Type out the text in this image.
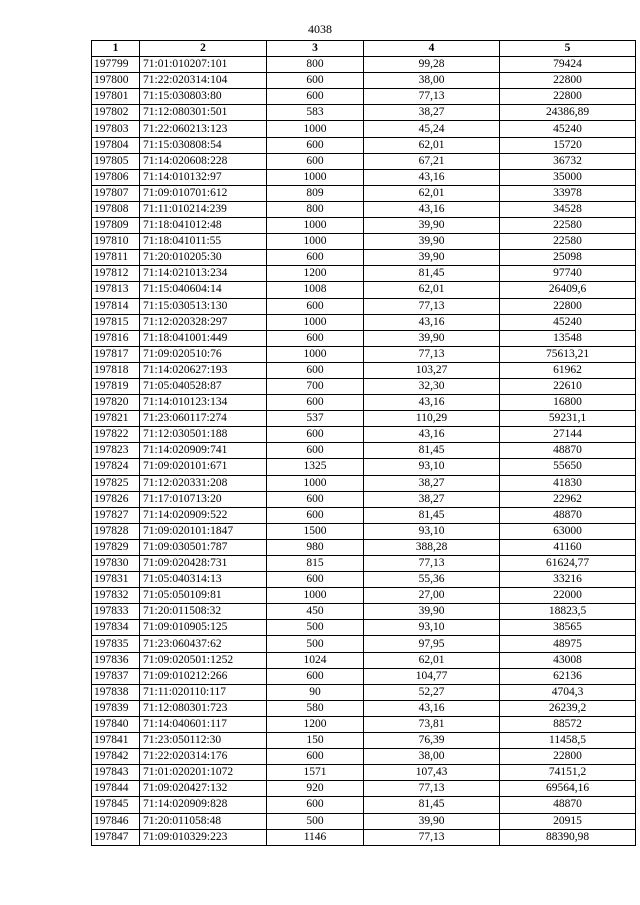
4038
1	2	3	4	5
197799	71:01:010207:101	800	99,28	79424
197800	71:22:020314:104	600	38,00	22800
197801	71:15:030803:80	600	77,13	22800
197802	71:12:080301:501	583	38,27	24386,89
197803	71:22:060213:123	1000	45,24	45240
197804	71:15:030808:54	600	62,01	15720
197805	71:14:020608:228	600	67,21	36732
197806	71:14:010132:97	1000	43,16	35000
197807	71:09:010701:612	809	62,01	33978
197808	71:11:010214:239	800	43,16	34528
197809	71:18:041012:48	1000	39,90	22580
197810	71:18:041011:55	1000	39,90	22580
197811	71:20:010205:30	600	39,90	25098
197812	71:14:021013:234	1200	81,45	97740
197813	71:15:040604:14	1008	62,01	26409,6
197814	71:15:030513:130	600	77,13	22800
197815	71:12:020328:297	1000	43,16	45240
197816	71:18:041001:449	600	39,90	13548
197817	71:09:020510:76	1000	77,13	75613,21
197818	71:14:020627:193	600	103,27	61962
197819	71:05:040528:87	700	32,30	22610
197820	71:14:010123:134	600	43,16	16800
197821	71:23:060117:274	537	110,29	59231,1
197822	71:12:030501:188	600	43,16	27144
197823	71:14:020909:741	600	81,45	48870
197824	71:09:020101:671	1325	93,10	55650
197825	71:12:020331:208	1000	38,27	41830
197826	71:17:010713:20	600	38,27	22962
197827	71:14:020909:522	600	81,45	48870
197828	71:09:020101:1847	1500	93,10	63000
197829	71:09:030501:787	980	388,28	41160
197830	71:09:020428:731	815	77,13	61624,77
197831	71:05:040314:13	600	55,36	33216
197832	71:05:050109:81	1000	27,00	22000
197833	71:20:011508:32	450	39,90	18823,5
197834	71:09:010905:125	500	93,10	38565
197835	71:23:060437:62	500	97,95	48975
197836	71:09:020501:1252	1024	62,01	43008
197837	71:09:010212:266	600	104,77	62136
197838	71:11:020110:117	90	52,27	4704,3
197839	71:12:080301:723	580	43,16	26239,2
197840	71:14:040601:117	1200	73,81	88572
197841	71:23:050112:30	150	76,39	11458,5
197842	71:22:020314:176	600	38,00	22800
197843	71:01:020201:1072	1571	107,43	74151,2
197844	71:09:020427:132	920	77,13	69564,16
197845	71:14:020909:828	600	81,45	48870
197846	71:20:011058:48	500	39,90	20915
197847	71:09:010329:223	1146	77,13	88390,98
